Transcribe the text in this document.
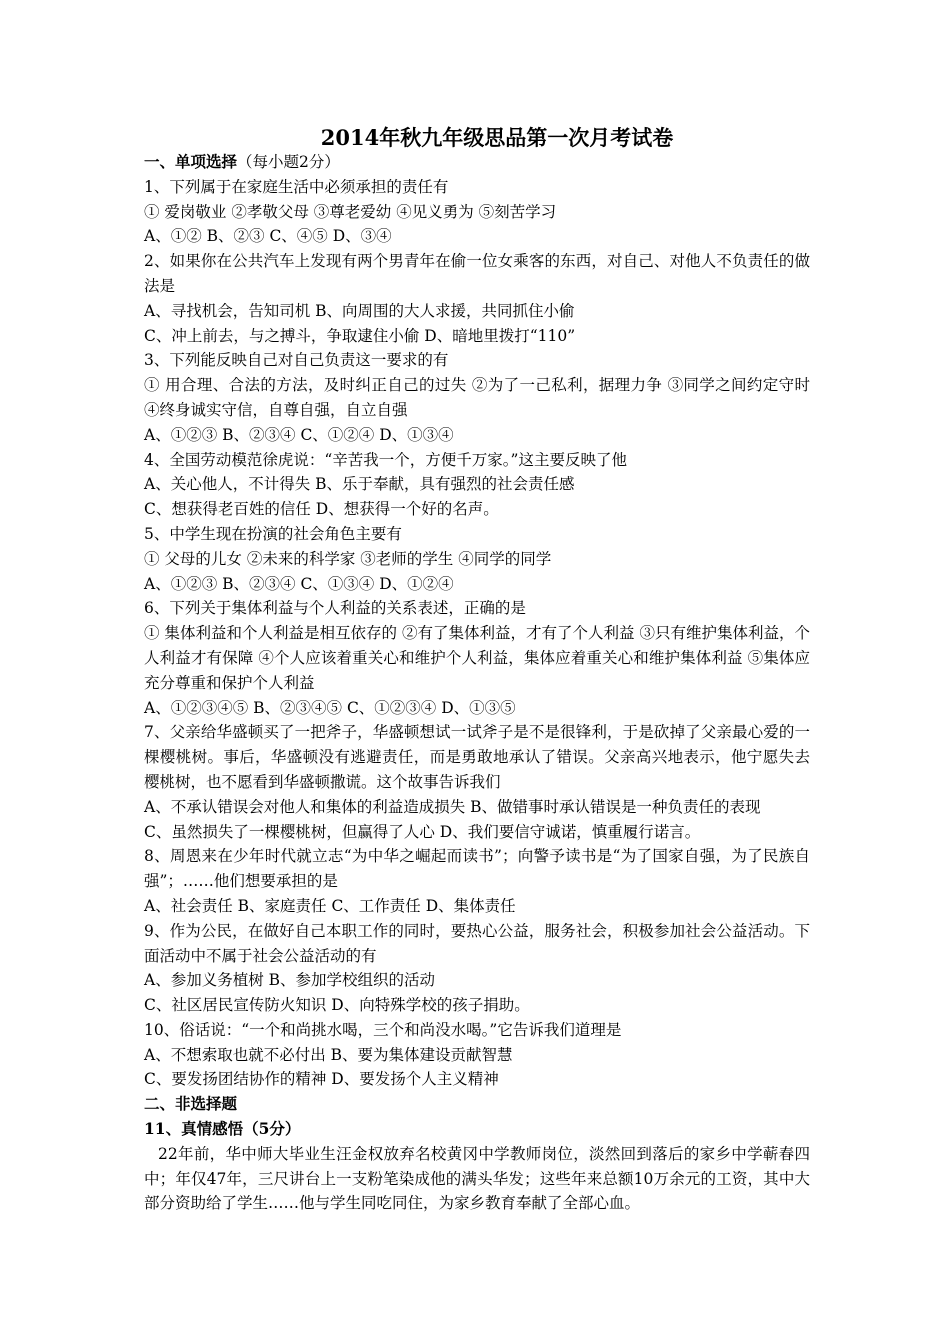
2014年秋九年级思品第一次月考试卷

一、单项选择（每小题2分）

1、下列属于在家庭生活中必须承担的责任有

① 爱岗敬业 ②孝敬父母 ③尊老爱幼 ④见义勇为 ⑤刻苦学习

A、①② B、②③ C、④⑤ D、③④

2、如果你在公共汽车上发现有两个男青年在偷一位女乘客的东西，对自己、对他人不负责任的做法是

A、寻找机会，告知司机 B、向周围的大人求援，共同抓住小偷

C、冲上前去，与之搏斗，争取逮住小偷 D、暗地里拨打“110”

3、下列能反映自己对自己负责这一要求的有

① 用合理、合法的方法，及时纠正自己的过失 ②为了一己私利，据理力争 ③同学之间约定守时 ④终身诚实守信，自尊自强，自立自强

A、①②③ B、②③④ C、①②④ D、①③④

4、全国劳动模范徐虎说：“辛苦我一个，方便千万家。”这主要反映了他

A、关心他人，不计得失 B、乐于奉献，具有强烈的社会责任感

C、想获得老百姓的信任 D、想获得一个好的名声。

5、中学生现在扮演的社会角色主要有

① 父母的儿女 ②未来的科学家 ③老师的学生 ④同学的同学

A、①②③ B、②③④ C、①③④ D、①②④

6、下列关于集体利益与个人利益的关系表述，正确的是

① 集体利益和个人利益是相互依存的 ②有了集体利益，才有了个人利益 ③只有维护集体利益，个人利益才有保障 ④个人应该着重关心和维护个人利益，集体应着重关心和维护集体利益 ⑤集体应充分尊重和保护个人利益

A、①②③④⑤ B、②③④⑤ C、①②③④ D、①③⑤

7、父亲给华盛顿买了一把斧子，华盛顿想试一试斧子是不是很锋利，于是砍掉了父亲最心爱的一棵樱桃树。事后，华盛顿没有逃避责任，而是勇敢地承认了错误。父亲高兴地表示，他宁愿失去樱桃树，也不愿看到华盛顿撒谎。这个故事告诉我们

A、不承认错误会对他人和集体的利益造成损失 B、做错事时承认错误是一种负责任的表现

C、虽然损失了一棵樱桃树，但赢得了人心 D、我们要信守诚诺，慎重履行诺言。

8、周恩来在少年时代就立志“为中华之崛起而读书”；向警予读书是“为了国家自强，为了民族自强”；……他们想要承担的是

A、社会责任 B、家庭责任 C、工作责任 D、集体责任

9、作为公民，在做好自己本职工作的同时，要热心公益，服务社会，积极参加社会公益活动。下面活动中不属于社会公益活动的有

A、参加义务植树 B、参加学校组织的活动

C、社区居民宣传防火知识 D、向特殊学校的孩子捐助。

10、俗话说：“一个和尚挑水喝，三个和尚没水喝。”它告诉我们道理是

A、不想索取也就不必付出 B、要为集体建设贡献智慧

C、要发扬团结协作的精神 D、要发扬个人主义精神

二、非选择题

11、真情感悟（5分）

22年前，华中师大毕业生汪金权放弃名校黄冈中学教师岗位，淡然回到落后的家乡中学蕲春四中；年仅47年，三尺讲台上一支粉笔染成他的满头华发；这些年来总额10万余元的工资，其中大部分资助给了学生……他与学生同吃同住，为家乡教育奉献了全部心血。
